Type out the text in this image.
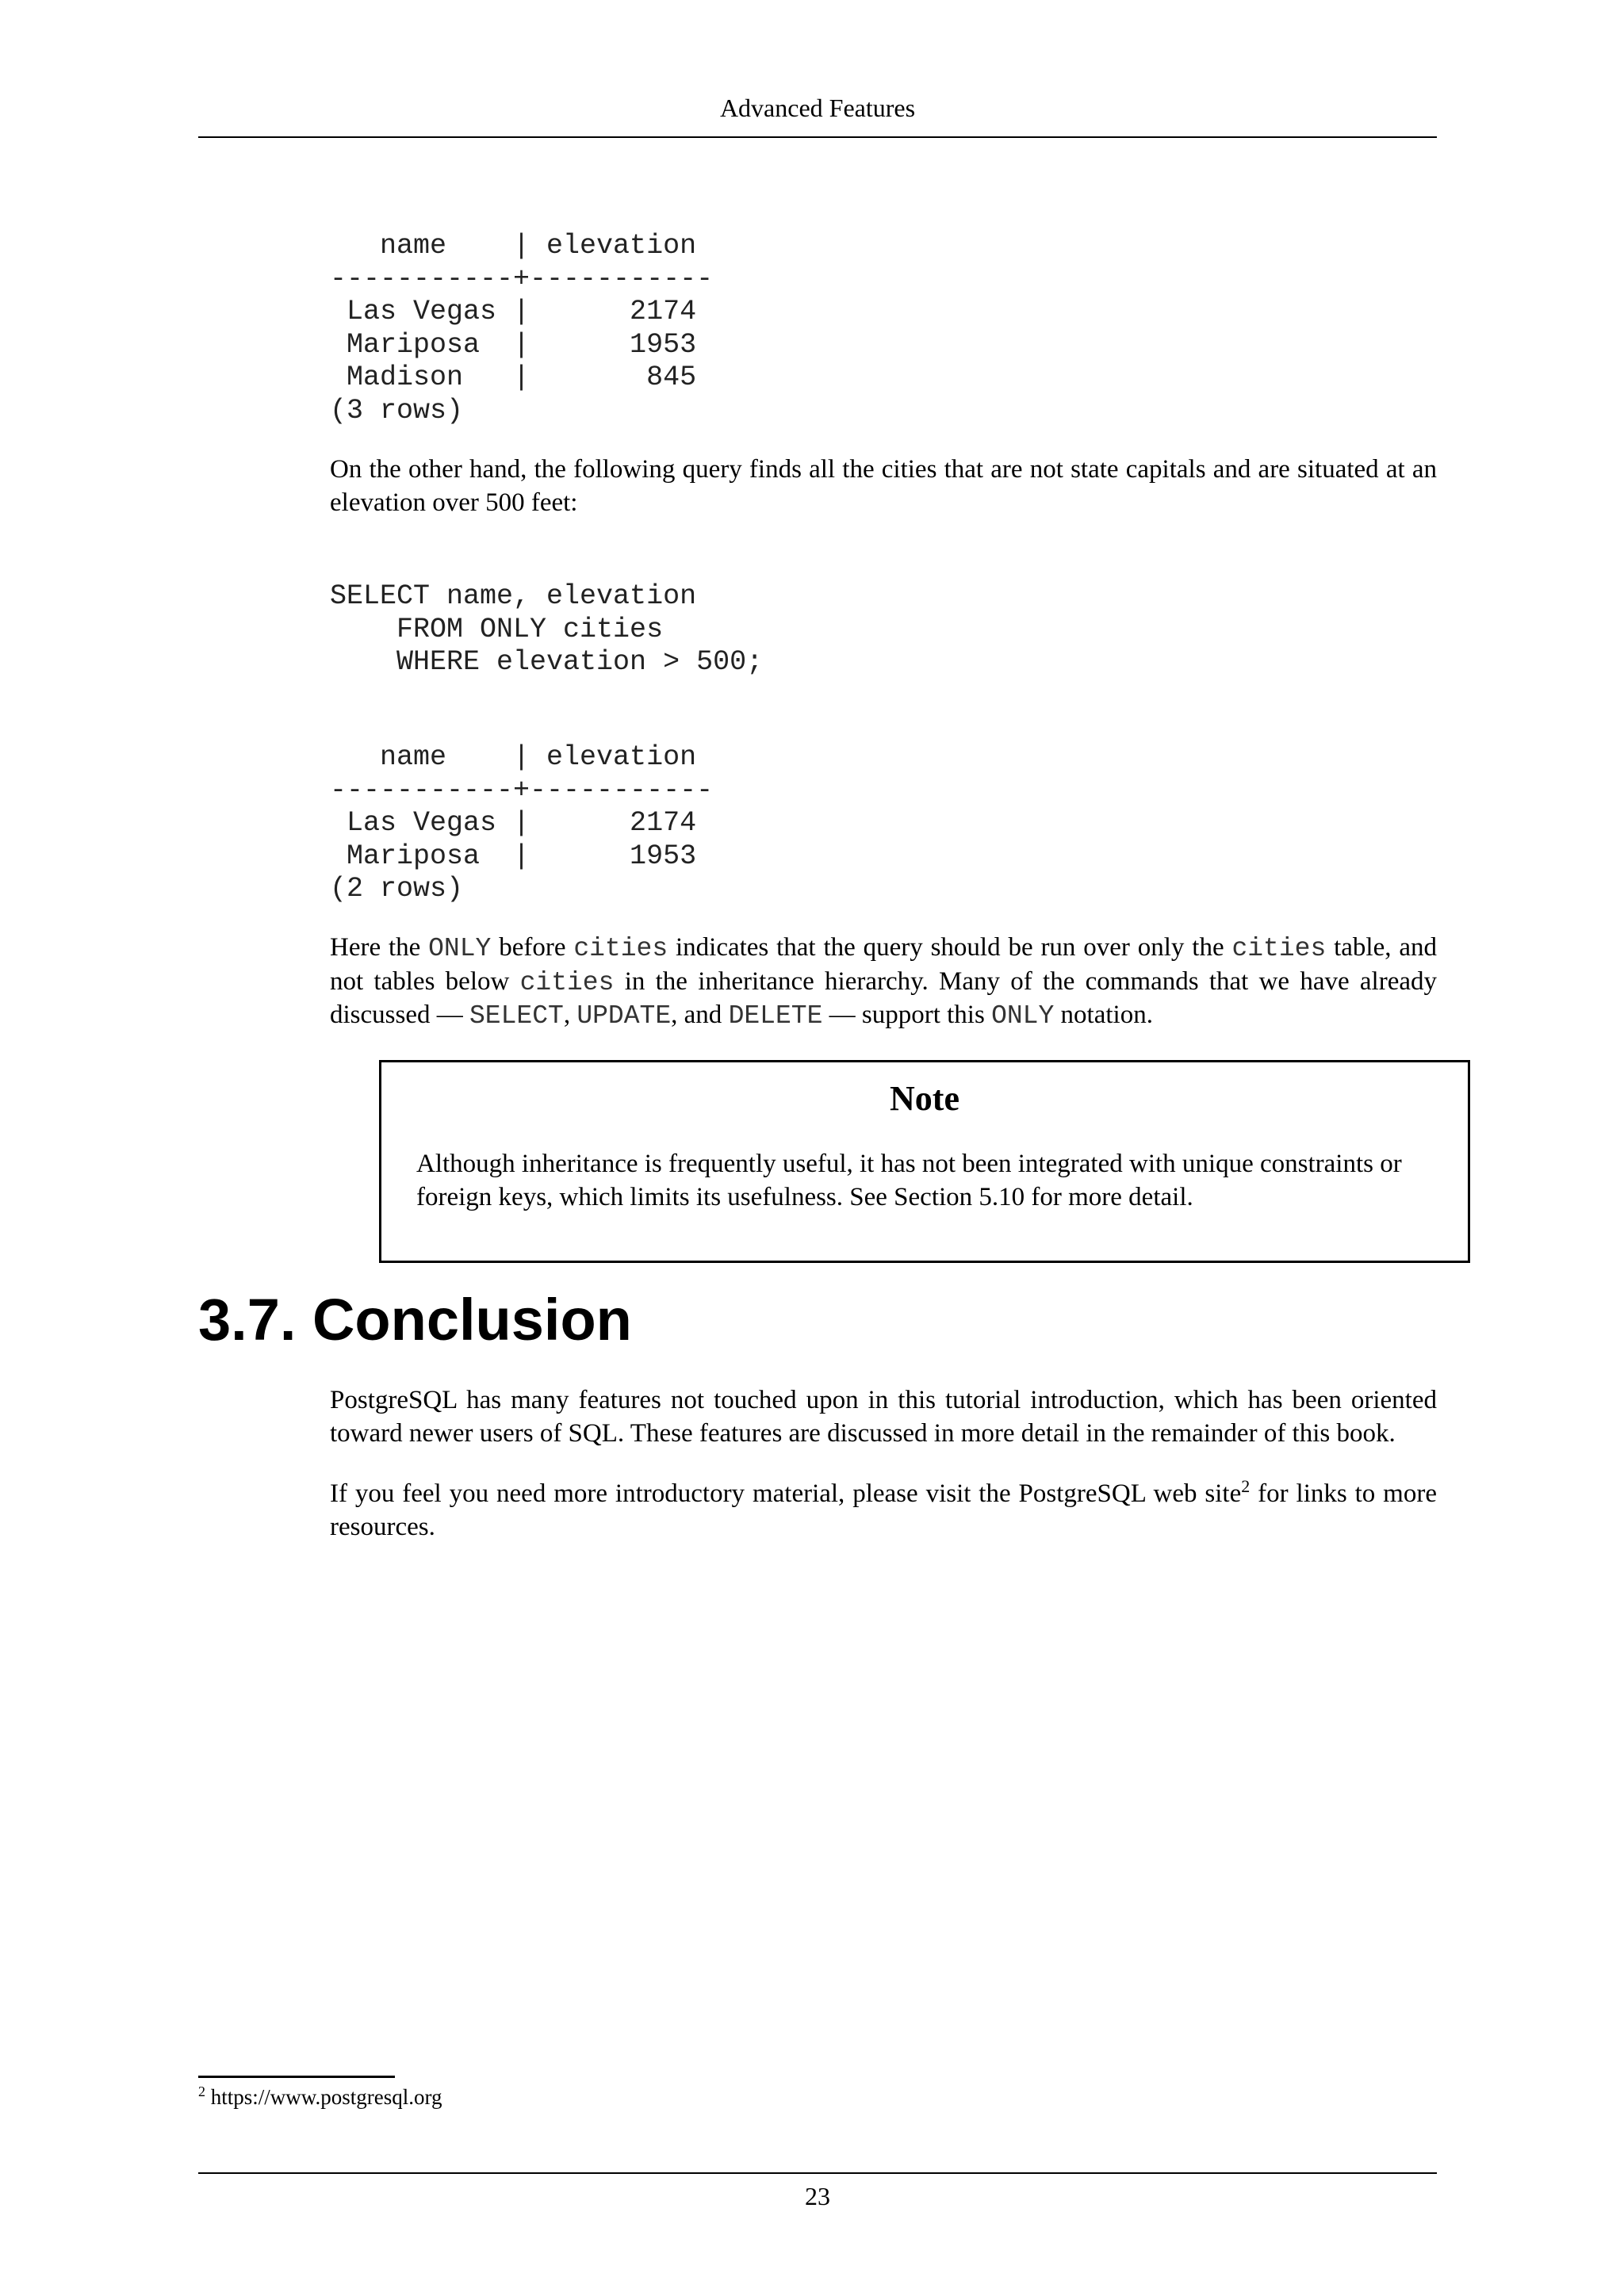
Advanced Features
name    | elevation
-----------+-----------
Las Vegas |      2174
Mariposa  |      1953
Madison   |       845
(3 rows)

On the other hand, the following query finds all the cities that are not state capitals and are situated at an elevation over 500 feet:

SELECT name, elevation
FROM ONLY cities
WHERE elevation > 500;
name    | elevation
-----------+-----------
Las Vegas |      2174
Mariposa  |      1953
(2 rows)

Here the ONLY before cities indicates that the query should be run over only the cities table, and not tables below cities in the inheritance hierarchy. Many of the commands that we have already discussed — SELECT, UPDATE, and DELETE — support this ONLY notation.

Note

Although inheritance is frequently useful, it has not been integrated with unique constraints or foreign keys, which limits its usefulness. See Section 5.10 for more detail.

3.7. Conclusion

PostgreSQL has many features not touched upon in this tutorial introduction, which has been oriented toward newer users of SQL. These features are discussed in more detail in the remainder of this book.

If you feel you need more introductory material, please visit the PostgreSQL web site$^2$ for links to more resources.

$^2$ https://www.postgresql.org
23
